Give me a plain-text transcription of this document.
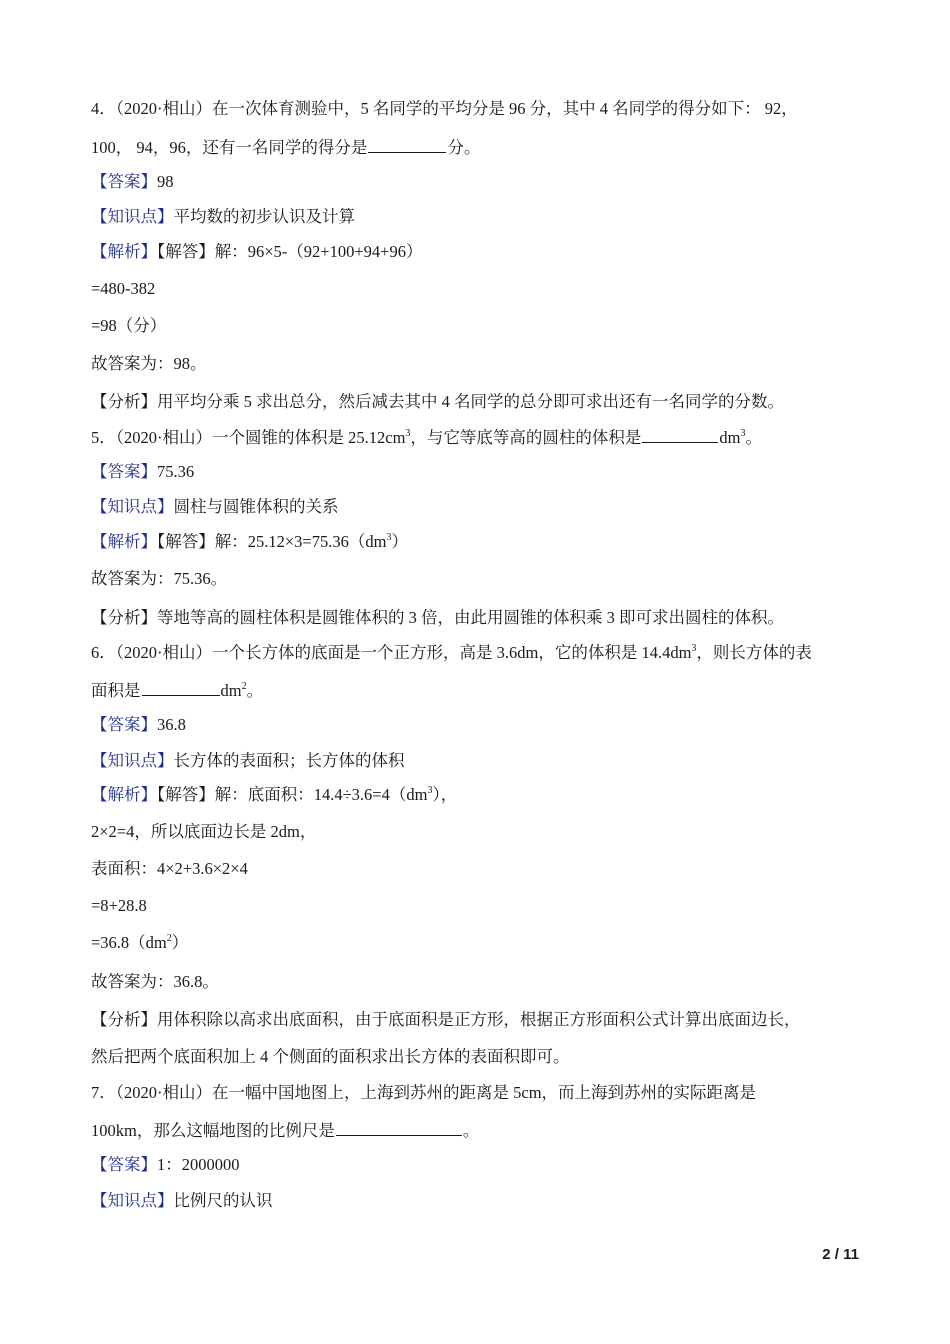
4．（2020·相山）在一次体育测验中，5 名同学的平均分是 96 分，其中 4 名同学的得分如下： 92，
100， 94，96，还有一名同学的得分是	分。
【答案】98
【知识点】平均数的初步认识及计算
【解析】【解答】解：96×5-（92+100+94+96）
=480-382
=98（分）
故答案为：98。
【分析】用平均分乘 5 求出总分，然后减去其中 4 名同学的总分即可求出还有一名同学的分数。
5．（2020·相山）一个圆锥的体积是 $25.12cm^3$，与它等底等高的圆柱的体积是	$dm^3$。
【答案】75.36
【知识点】圆柱与圆锥体积的关系
【解析】【解答】解：$25.12\times 3=75.36(dm^3)$
故答案为：75.36。
【分析】等地等高的圆柱体积是圆锥体积的 3 倍，由此用圆锥的体积乘 3 即可求出圆柱的体积。
6．（2020·相山）一个长方体的底面是一个正方形，高是 3.6dm，它的体积是 $14.4dm^3$，则长方体的表
面积是	$dm^2$。
【答案】36.8
【知识点】长方体的表面积；长方体的体积
【解析】【解答】解：底面积：$14.4\div 3.6=4(dm^3)$，
2×2=4，所以底面边长是 2dm，
表面积：4×2+3.6×2×4
=8+28.8
$=36.8(dm^2)$
故答案为：36.8。
【分析】用体积除以高求出底面积，由于底面积是正方形，根据正方形面积公式计算出底面边长，
然后把两个底面积加上 4 个侧面的面积求出长方体的表面积即可。
7．（2020·相山）在一幅中国地图上，上海到苏州的距离是 5cm，而上海到苏州的实际距离是
100km，那么这幅地图的比例尺是	。
【答案】1：2000000
【知识点】比例尺的认识
2 / 11
